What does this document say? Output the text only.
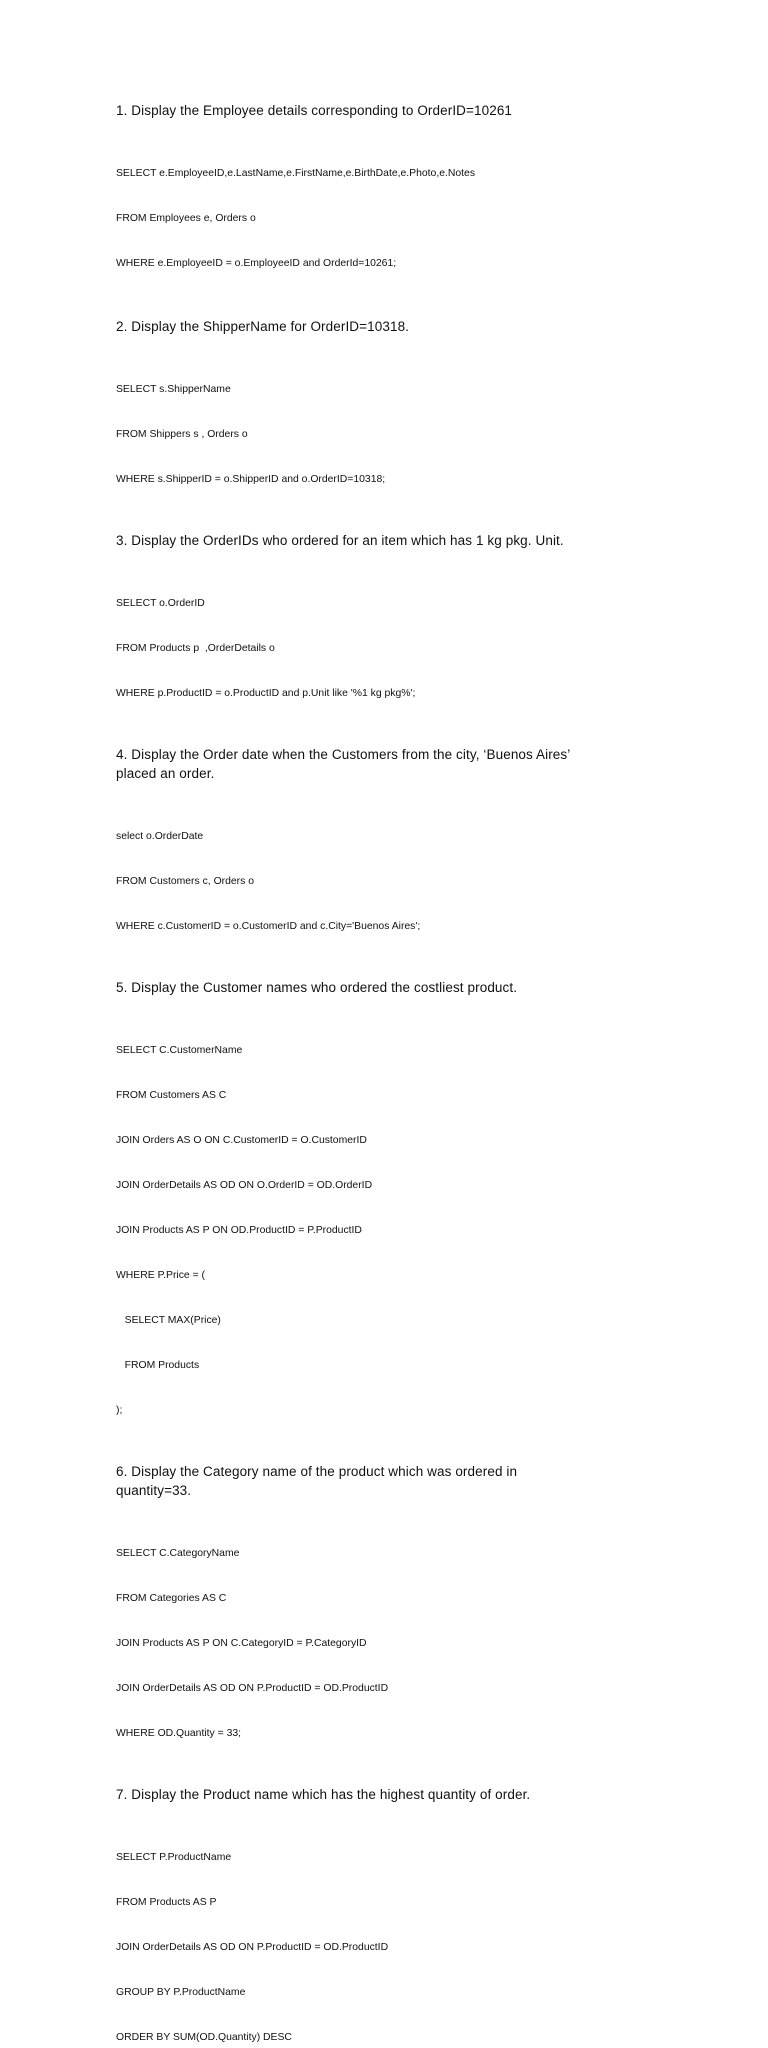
1. Display the Employee details corresponding to OrderID=10261

SELECT e.EmployeeID,e.LastName,e.FirstName,e.BirthDate,e.Photo,e.Notes

FROM Employees e, Orders o

WHERE e.EmployeeID = o.EmployeeID and OrderId=10261;

2. Display the ShipperName for OrderID=10318.

SELECT s.ShipperName

FROM Shippers s , Orders o

WHERE s.ShipperID = o.ShipperID and o.OrderID=10318;

3. Display the OrderIDs who ordered for an item which has 1 kg pkg. Unit.

SELECT o.OrderID

FROM Products p  ,OrderDetails o

WHERE p.ProductID = o.ProductID and p.Unit like '%1 kg pkg%';

4. Display the Order date when the Customers from the city, ‘Buenos Aires’ placed an order.

select o.OrderDate

FROM Customers c, Orders o

WHERE c.CustomerID = o.CustomerID and c.City='Buenos Aires';

5. Display the Customer names who ordered the costliest product.

SELECT C.CustomerName

FROM Customers AS C

JOIN Orders AS O ON C.CustomerID = O.CustomerID

JOIN OrderDetails AS OD ON O.OrderID = OD.OrderID

JOIN Products AS P ON OD.ProductID = P.ProductID

WHERE P.Price = (

SELECT MAX(Price)

FROM Products

);

6. Display the Category name of the product which was ordered in quantity=33.

SELECT C.CategoryName

FROM Categories AS C

JOIN Products AS P ON C.CategoryID = P.CategoryID

JOIN OrderDetails AS OD ON P.ProductID = OD.ProductID

WHERE OD.Quantity = 33;

7. Display the Product name which has the highest quantity of order.

SELECT P.ProductName

FROM Products AS P

JOIN OrderDetails AS OD ON P.ProductID = OD.ProductID

GROUP BY P.ProductName

ORDER BY SUM(OD.Quantity) DESC
